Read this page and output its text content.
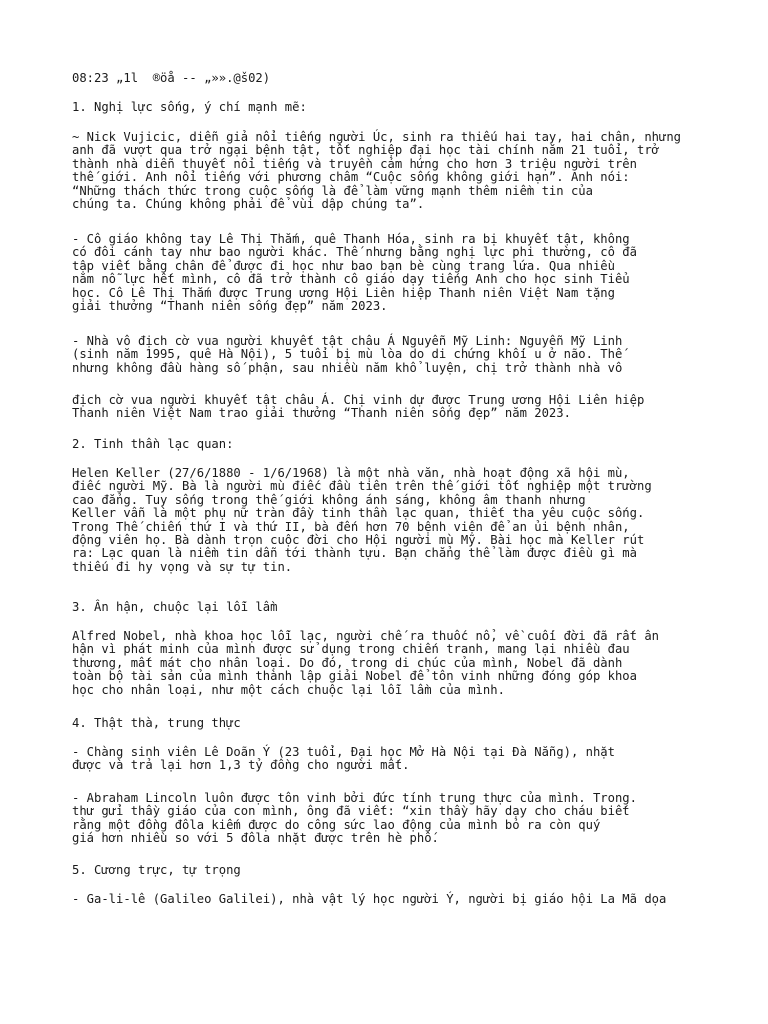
08:23 „1l  ®öå -- „»».@š02)

1. Nghị lực sống, ý chí mạnh mẽ:

~ Nick Vujicic, diễn giả nổi tiếng người Úc, sinh ra thiếu hai tay, hai chân, nhưng
anh đã vượt qua trở ngại bệnh tật, tốt nghiệp đại học tài chính năm 21 tuổi, trở
thành nhà diễn thuyết nổi tiếng và truyền cảm hứng cho hơn 3 triệu người trên
thế giới. Anh nổi tiếng với phương châm “Cuộc sống không giới hạn”. Anh nói:
“Những thách thức trong cuộc sống là để làm vững mạnh thêm niềm tin của
chúng ta. Chúng không phải để vùi dập chúng ta”.

- Cô giáo không tay Lê Thị Thắm, quê Thanh Hóa, sinh ra bị khuyết tật, không
có đôi cánh tay như bao người khác. Thế nhưng bằng nghị lực phi thường, cô đã
tập viết bằng chân để được đi học như bao bạn bè cùng trang lứa. Qua nhiều
năm nỗ lực hết mình, cô đã trở thành cô giáo dạy tiếng Anh cho học sinh Tiểu
học. Cô Lê Thị Thắm được Trung ương Hội Liên hiệp Thanh niên Việt Nam tặng
giải thưởng “Thanh niên sống đẹp” năm 2023.

- Nhà vô địch cờ vua người khuyết tật châu Á Nguyễn Mỹ Linh: Nguyễn Mỹ Linh
(sinh năm 1995, quê Hà Nội), 5 tuổi bị mù lòa do di chứng khối u ở não. Thế
nhưng không đầu hàng số phận, sau nhiều năm khổ luyện, chị trở thành nhà vô

địch cờ vua người khuyết tật châu Á. Chị vinh dự được Trung ương Hội Liên hiệp
Thanh niên Việt Nam trao giải thưởng “Thanh niên sống đẹp” năm 2023.

2. Tinh thần lạc quan:

Helen Keller (27/6/1880 - 1/6/1968) là một nhà văn, nhà hoạt động xã hội mù,
điếc người Mỹ. Bà là người mù điếc đầu tiên trên thế giới tốt nghiệp một trường
cao đẳng. Tuy sống trong thế giới không ánh sáng, không âm thanh nhưng
Keller vẫn là một phụ nữ tràn đầy tinh thần lạc quan, thiết tha yêu cuộc sống.
Trong Thế chiến thứ I và thứ II, bà đến hơn 70 bệnh viện để an ủi bệnh nhân,
động viên họ. Bà dành trọn cuộc đời cho Hội người mù Mỹ. Bài học mà Keller rút
ra: Lạc quan là niềm tin dẫn tới thành tựu. Bạn chẳng thể làm được điều gì mà
thiếu đi hy vọng và sự tự tin.

3. Ân hận, chuộc lại lỗi lầm

Alfred Nobel, nhà khoa học lỗi lạc, người chế ra thuốc nổ, về cuối đời đã rất ân
hận vì phát minh của mình được sử dụng trong chiến tranh, mang lại nhiều đau
thương, mất mát cho nhân loại. Do đó, trong di chúc của mình, Nobel đã dành
toàn bộ tài sản của mình thành lập giải Nobel để tôn vinh những đóng góp khoa
học cho nhân loại, như một cách chuộc lại lỗi lầm của mình.

4. Thật thà, trung thực

- Chàng sinh viên Lê Doãn Ý (23 tuổi, Đại học Mở Hà Nội tại Đà Nẵng), nhặt
được và trả lại hơn 1,3 tỷ đồng cho người mất.

- Abraham Lincoln luôn được tôn vinh bởi đức tính trung thực của mình. Trong.
thư gửi thầy giáo của con mình, ông đã viết: “xin thầy hãy dạy cho cháu biết
rằng một đồng đôla kiếm được do công sức lao động của mình bỏ ra còn quý
giá hơn nhiều so với 5 đôla nhặt được trên hè phố.

5. Cương trực, tự trọng

- Ga-li-lê (Galileo Galilei), nhà vật lý học người Ý, người bị giáo hội La Mã dọa
